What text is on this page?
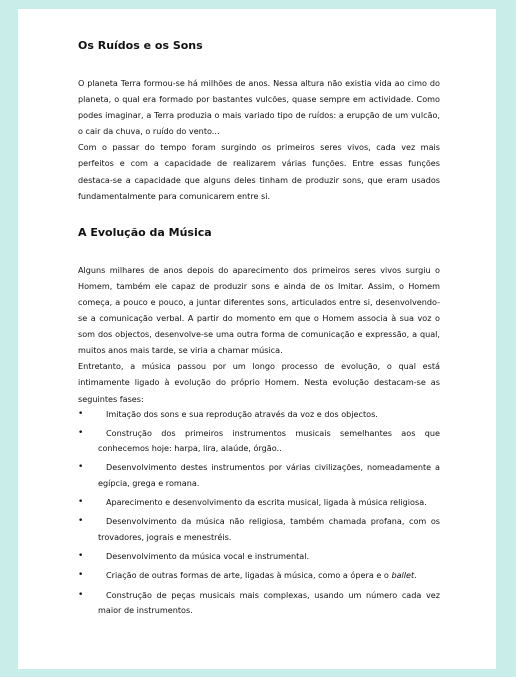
Os Ruídos e os Sons

O planeta Terra formou-se há milhões de anos. Nessa altura não existia vida ao cimo do planeta, o qual era formado por bastantes vulcões, quase sempre em actividade. Como podes imaginar, a Terra produzia o mais variado tipo de ruídos: a erupção de um vulcão, o cair da chuva, o ruído do vento...

Com o passar do tempo foram surgindo os primeiros seres vivos, cada vez mais perfeitos e com a capacidade de realizarem várias funções. Entre essas funções destaca-se a capacidade que alguns deles tinham de produzir sons, que eram usados fundamentalmente para comunicarem entre si.

A Evolução da Música

Alguns milhares de anos depois do aparecimento dos primeiros seres vivos surgiu o Homem, também ele capaz de produzir sons e ainda de os Imitar. Assim, o Homem começa, a pouco e pouco, a juntar diferentes sons, articulados entre si, desenvolvendo-se a comunicação verbal. A partir do momento em que o Homem associa à sua voz o som dos objectos, desenvolve-se uma outra forma de comunicação e expressão, a qual, muitos anos mais tarde, se viria a chamar música.

Entretanto, a música passou por um longo processo de evolução, o qual está intimamente ligado à evolução do próprio Homem. Nesta evolução destacam-se as seguintes fases:

• Imitação dos sons e sua reprodução através da voz e dos objectos.
• Construção dos primeiros instrumentos musicais semelhantes aos que conhecemos hoje: harpa, lira, alaúde, órgão..
• Desenvolvimento destes instrumentos por várias civilizações, nomeadamente a egípcia, grega e romana.
• Aparecimento e desenvolvimento da escrita musical, ligada à música religiosa.
• Desenvolvimento da música não religiosa, também chamada profana, com os trovadores, jograis e menestréis.
• Desenvolvimento da música vocal e instrumental.
• Criação de outras formas de arte, ligadas à música, como a ópera e o ballet.
• Construção de peças musicais mais complexas, usando um número cada vez maior de instrumentos.
